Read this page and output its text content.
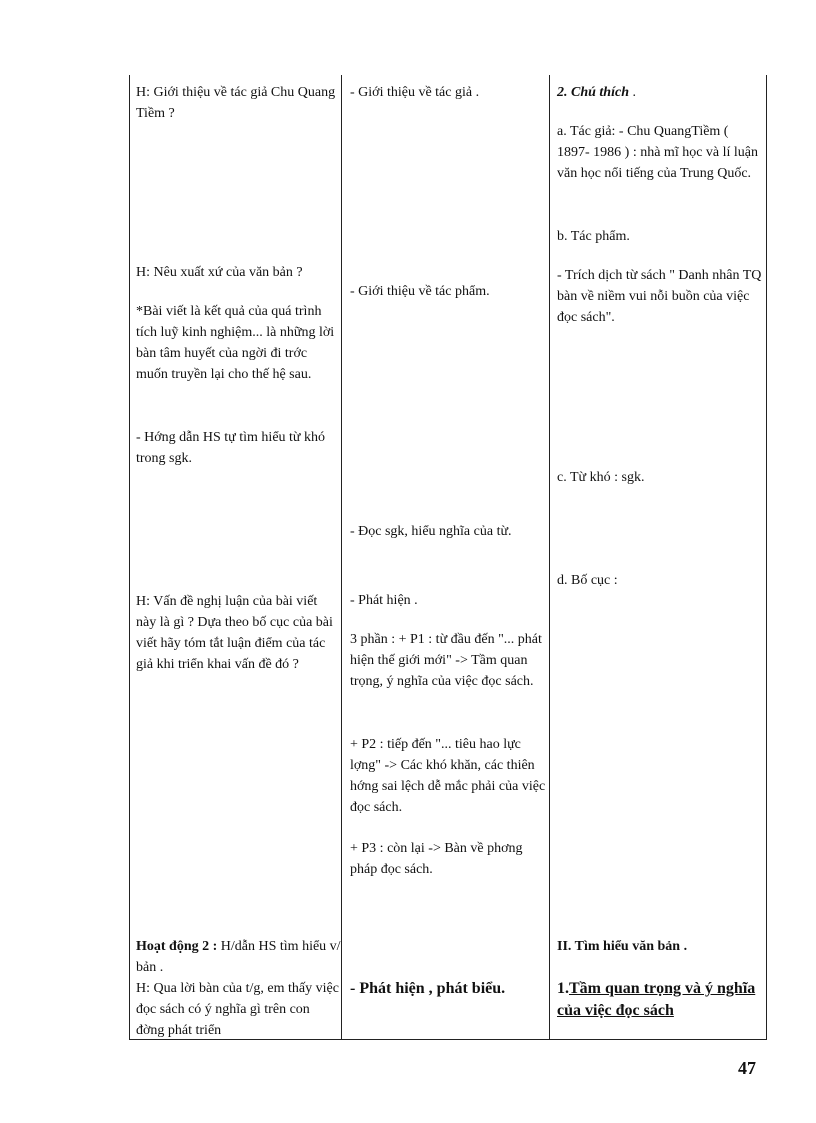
H: Giới thiệu về tác giả Chu Quang Tiềm ?
H: Nêu xuất xứ của văn bản ?
*Bài viết là kết quả của quá trình tích luỹ kinh nghiệm... là những lời bàn tâm huyết của ngời đi trớc muốn truyền lại cho thế hệ sau.
- Hớng dẫn HS tự tìm hiểu từ khó trong sgk.
H: Vấn đề nghị luận của bài viết này là gì ? Dựa theo bố cục của bài viết hãy tóm tắt luận điểm của tác giả khi triển khai vấn đề đó ?
Hoạt động 2 : H/dẫn HS tìm hiểu v/ bản .
H: Qua lời bàn của t/g, em thấy việc đọc sách có ý nghĩa gì trên con đờng phát triển
- Giới thiệu về tác giả .
- Giới thiệu về tác phẩm.
- Đọc sgk, hiểu nghĩa của từ.
- Phát hiện .
3 phần : + P1 : từ đầu đến "... phát hiện thế giới mới" -> Tầm quan trọng, ý nghĩa của việc đọc sách.
+ P2 : tiếp đến "... tiêu hao lực lợng" -> Các khó khăn, các thiên hớng sai lệch dễ mắc phải của việc đọc sách.
+ P3 : còn lại -> Bàn về phơng pháp đọc sách.
- Phát hiện , phát biểu.
2. Chú thích .
a. Tác giả: - Chu QuangTiềm ( 1897- 1986 ) : nhà mĩ học và lí luận văn học nổi tiếng của Trung Quốc.
b. Tác phẩm.
- Trích dịch từ sách " Danh nhân TQ bàn về niềm vui nỗi buồn của việc đọc sách".
c. Từ khó : sgk.
d. Bố cục :
II. Tìm hiểu văn bản .
1.Tầm quan trọng và ý nghĩa của việc đọc sách
47
